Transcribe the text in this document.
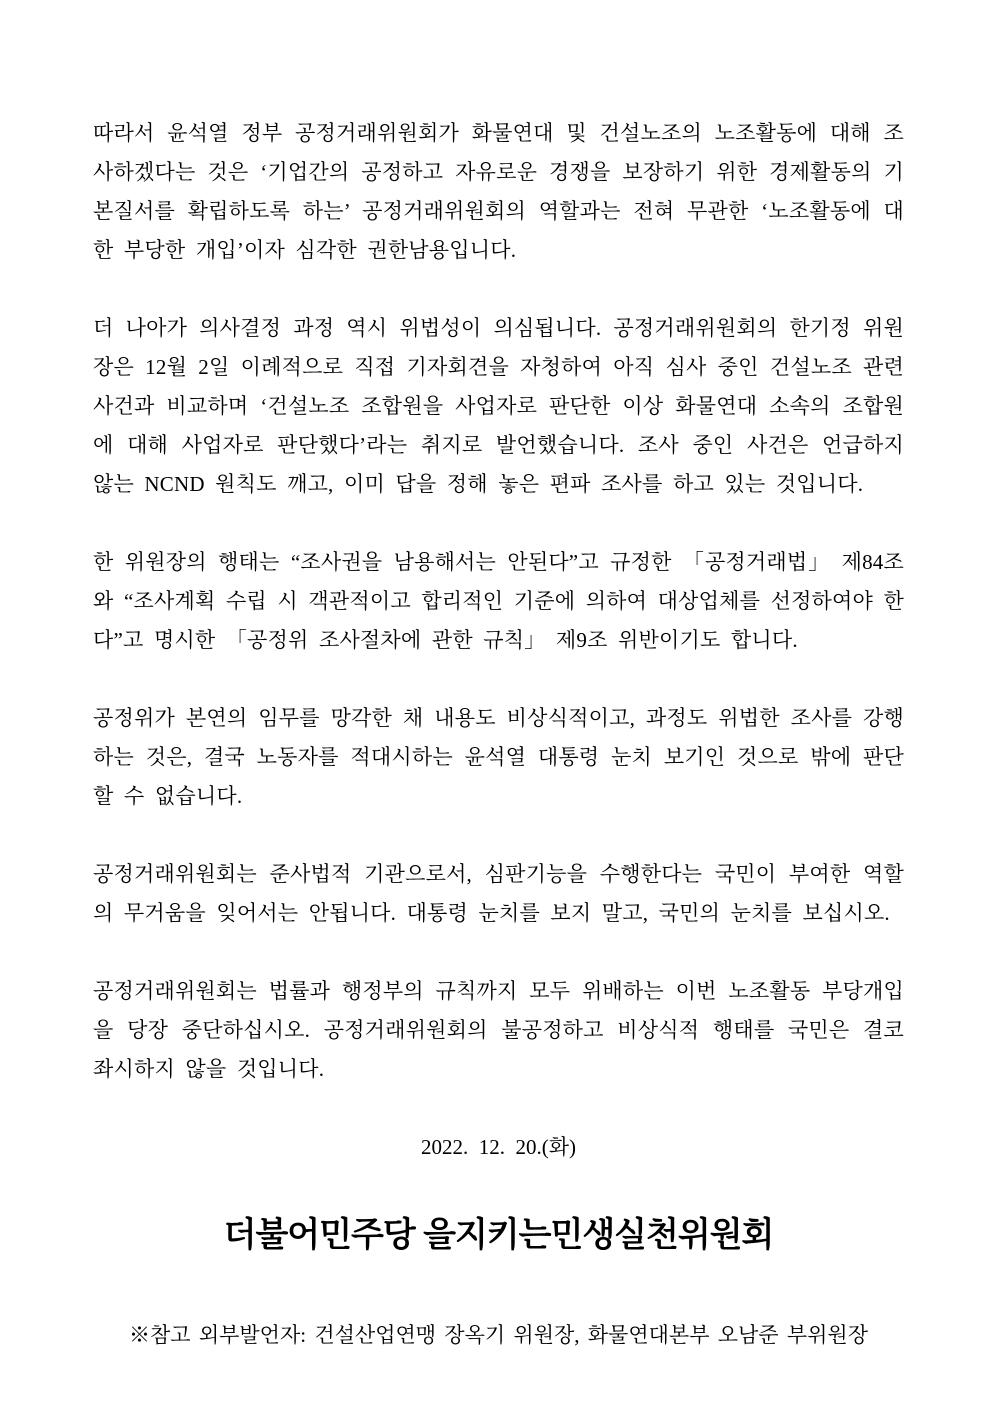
따라서 윤석열 정부 공정거래위원회가 화물연대 및 건설노조의 노조활동에 대해 조사하겠다는 것은 ‘기업간의 공정하고 자유로운 경쟁을 보장하기 위한 경제활동의 기본질서를 확립하도록 하는’ 공정거래위원회의 역할과는 전혀 무관한 ‘노조활동에 대한 부당한 개입’이자 심각한 권한남용입니다.

더 나아가 의사결정 과정 역시 위법성이 의심됩니다. 공정거래위원회의 한기정 위원장은 12월 2일 이례적으로 직접 기자회견을 자청하여 아직 심사 중인 건설노조 관련 사건과 비교하며 ‘건설노조 조합원을 사업자로 판단한 이상 화물연대 소속의 조합원에 대해 사업자로 판단했다’라는 취지로 발언했습니다. 조사 중인 사건은 언급하지 않는 NCND 원칙도 깨고, 이미 답을 정해 놓은 편파 조사를 하고 있는 것입니다.

한 위원장의 행태는 “조사권을 남용해서는 안된다”고 규정한 「공정거래법」 제84조와 “조사계획 수립 시 객관적이고 합리적인 기준에 의하여 대상업체를 선정하여야 한다”고 명시한 「공정위 조사절차에 관한 규칙」 제9조 위반이기도 합니다.

공정위가 본연의 임무를 망각한 채 내용도 비상식적이고, 과정도 위법한 조사를 강행하는 것은, 결국 노동자를 적대시하는 윤석열 대통령 눈치 보기인 것으로 밖에 판단할 수 없습니다.

공정거래위원회는 준사법적 기관으로서, 심판기능을 수행한다는 국민이 부여한 역할의 무거움을 잊어서는 안됩니다. 대통령 눈치를 보지 말고, 국민의 눈치를 보십시오.

공정거래위원회는 법률과 행정부의 규칙까지 모두 위배하는 이번 노조활동 부당개입을 당장 중단하십시오. 공정거래위원회의 불공정하고 비상식적 행태를 국민은 결코 좌시하지 않을 것입니다.

2022.  12.  20.(화)
더불어민주당 을지키는민생실천위원회
※참고 외부발언자: 건설산업연맹 장옥기 위원장, 화물연대본부 오남준 부위원장
